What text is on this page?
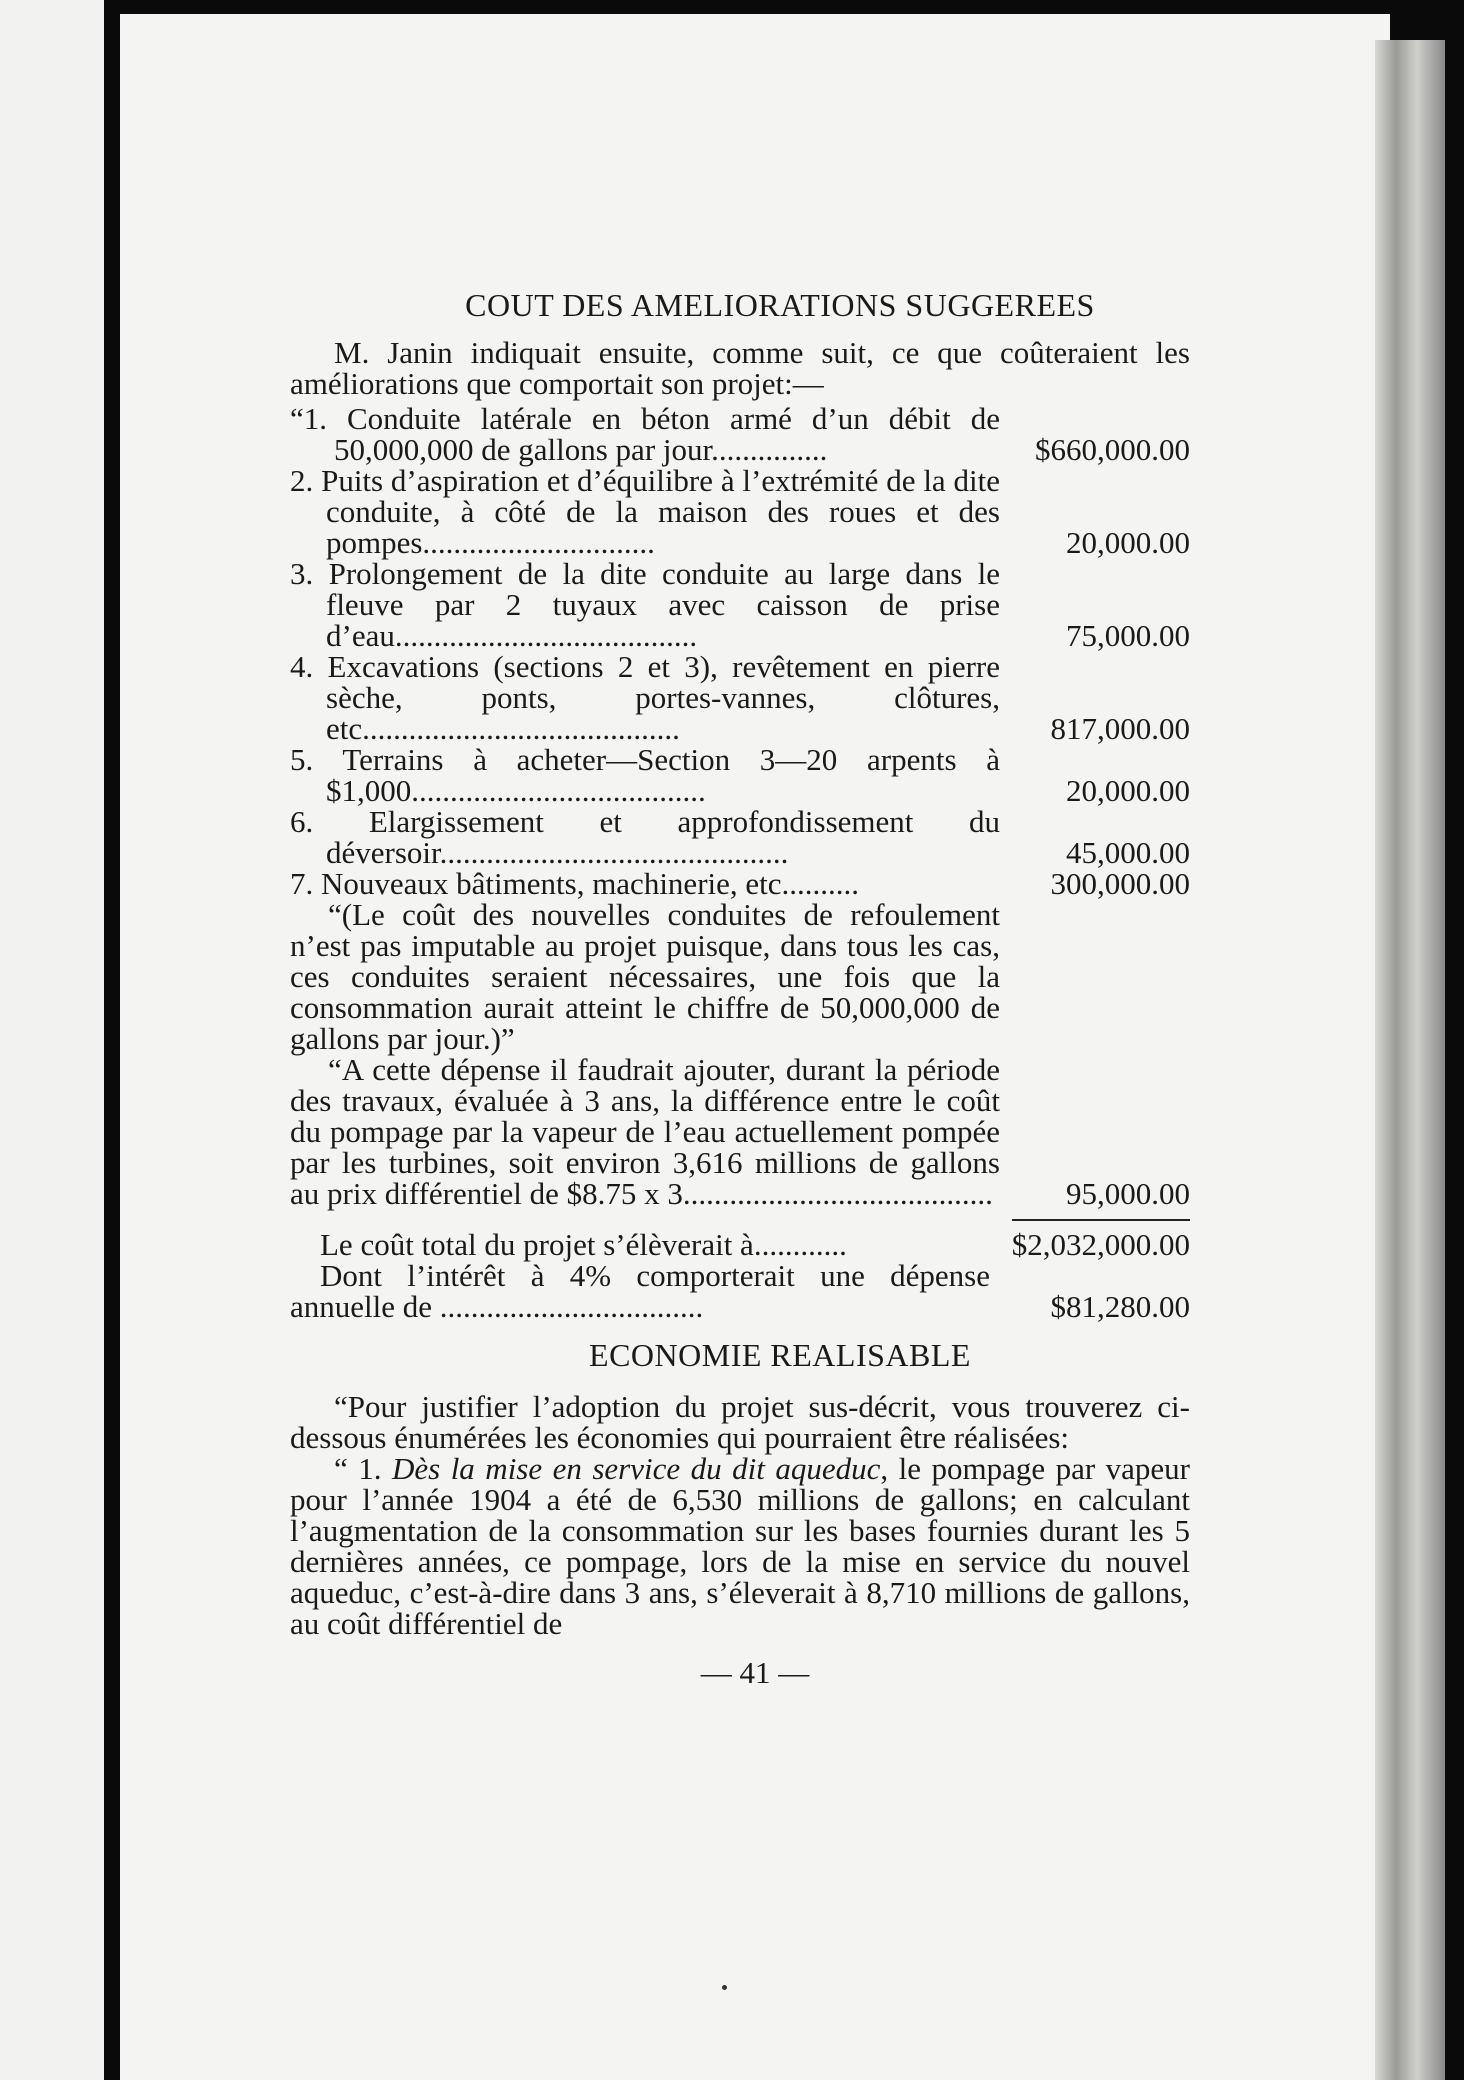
COUT DES AMELIORATIONS SUGGEREES

M. Janin indiquait ensuite, comme suit, ce que coûteraient les améliorations que comportait son projet:—

“1. Conduite latérale en béton armé d’un débit de 50,000,000 de gallons par jour...............	$660,000.00
2. Puits d’aspiration et d’équilibre à l’extrémité de la dite conduite, à côté de la maison des roues et des pompes..............................	20,000.00
3. Prolongement de la dite conduite au large dans le fleuve par 2 tuyaux avec caisson de prise d’eau.......................................	75,000.00
4. Excavations (sections 2 et 3), revêtement en pierre sèche, ponts, portes-vannes, clôtures, etc.........................................	817,000.00
5. Terrains à acheter—Section 3—20 arpents à $1,000......................................	20,000.00
6. Elargissement et approfondissement du déversoir.............................................	45,000.00
7. Nouveaux bâtiments, machinerie, etc..........	300,000.00

“(Le coût des nouvelles conduites de refoulement n’est pas imputable au projet puisque, dans tous les cas, ces conduites seraient nécessaires, une fois que la consommation aurait atteint le chiffre de 50,000,000 de gallons par jour.)”

“A cette dépense il faudrait ajouter, durant la période des travaux, évaluée à 3 ans, la différence entre le coût du pompage par la vapeur de l’eau actuellement pompée par les turbines, soit environ 3,616 millions de gallons au prix différentiel de $8.75 x 3........................................	95,000.00
Le coût total du projet s’élèverait à............	$2,032,000.00
Dont l’intérêt à 4% comporterait une dépense annuelle de ..................................	$81,280.00
ECONOMIE REALISABLE

“Pour justifier l’adoption du projet sus-décrit, vous trouverez ci-dessous énumérées les économies qui pourraient être réalisées:

“ 1. Dès la mise en service du dit aqueduc, le pompage par vapeur pour l’année 1904 a été de 6,530 millions de gallons; en calculant l’augmentation de la consommation sur les bases fournies durant les 5 dernières années, ce pompage, lors de la mise en service du nouvel aqueduc, c’est-à-dire dans 3 ans, s’éleverait à 8,710 millions de gallons, au coût différentiel de

— 41 —
